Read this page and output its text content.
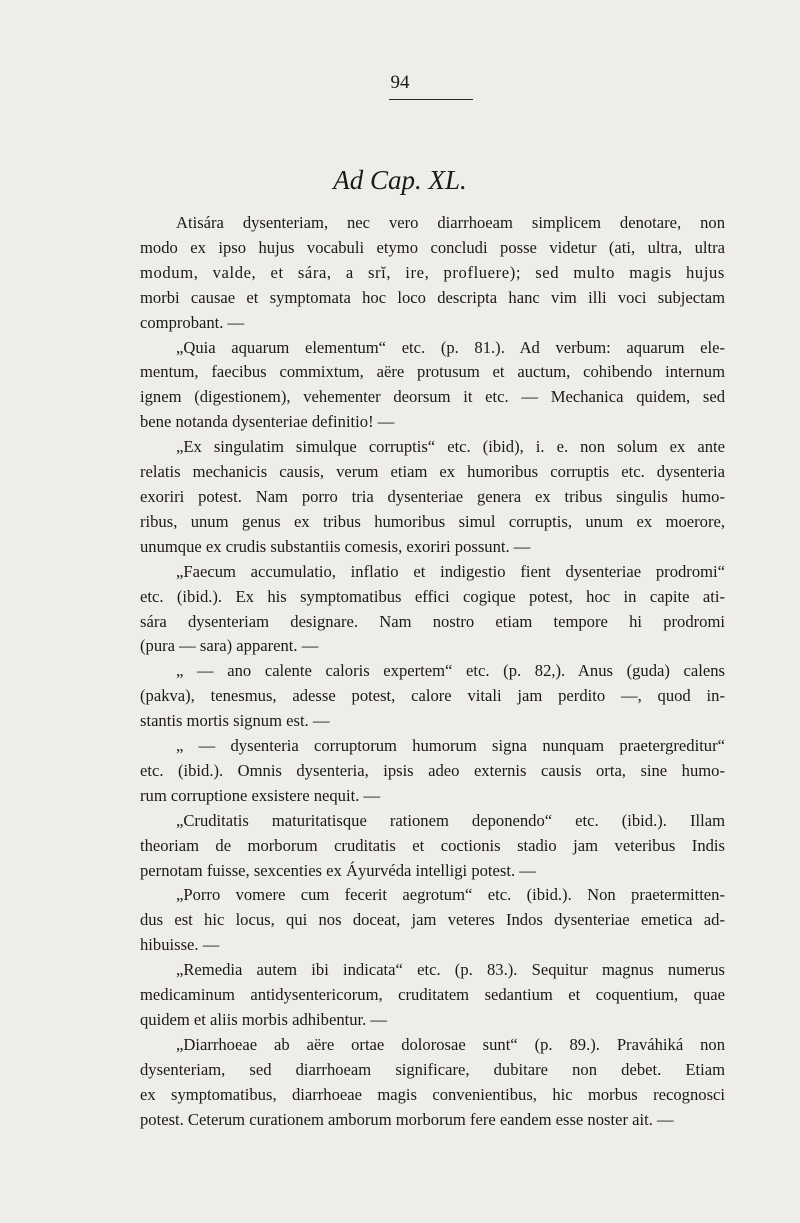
94
Ad Cap. XL.

Atisára dysenteriam, nec vero diarrhoeam simplicem denotare, non

modo ex ipso hujus vocabuli etymo concludi posse videtur (ati, ultra, ultra

modum, valde, et sára, a srĭ, ire, profluere); sed multo magis hujus

morbi causae et symptomata hoc loco descripta hanc vim illi voci subjectam

comprobant. —

„Quia aquarum elementum“ etc. (p. 81.). Ad verbum: aquarum ele-

mentum, faecibus commixtum, aëre protusum et auctum, cohibendo internum

ignem (digestionem), vehementer deorsum it etc. — Mechanica quidem, sed

bene notanda dysenteriae definitio! —

„Ex singulatim simulque corruptis“ etc. (ibid), i. e. non solum ex ante

relatis mechanicis causis, verum etiam ex humoribus corruptis etc. dysenteria

exoriri potest. Nam porro tria dysenteriae genera ex tribus singulis humo-

ribus, unum genus ex tribus humoribus simul corruptis, unum ex moerore,

unumque ex crudis substantiis comesis, exoriri possunt. —

„Faecum accumulatio, inflatio et indigestio fient dysenteriae prodromi“

etc. (ibid.). Ex his symptomatibus effici cogique potest, hoc in capite ati-

sára dysenteriam designare. Nam nostro etiam tempore hi prodromi

(pura — sara) apparent. —

„ — ano calente caloris expertem“ etc. (p. 82,). Anus (guda) calens

(pakva), tenesmus, adesse potest, calore vitali jam perdito —, quod in-

stantis mortis signum est. —

„ — dysenteria corruptorum humorum signa nunquam praetergreditur“

etc. (ibid.). Omnis dysenteria, ipsis adeo externis causis orta, sine humo-

rum corruptione exsistere nequit. —

„Cruditatis maturitatisque rationem deponendo“ etc. (ibid.). Illam

theoriam de morborum cruditatis et coctionis stadio jam veteribus Indis

pernotam fuisse, sexcenties ex Áyurvéda intelligi potest. —

„Porro vomere cum fecerit aegrotum“ etc. (ibid.). Non praetermitten-

dus est hic locus, qui nos doceat, jam veteres Indos dysenteriae emetica ad-

hibuisse. —

„Remedia autem ibi indicata“ etc. (p. 83.). Sequitur magnus numerus

medicaminum antidysentericorum, cruditatem sedantium et coquentium, quae

quidem et aliis morbis adhibentur. —

„Diarrhoeae ab aëre ortae dolorosae sunt“ (p. 89.). Praváhiká non

dysenteriam, sed diarrhoeam significare, dubitare non debet. Etiam

ex symptomatibus, diarrhoeae magis convenientibus, hic morbus recognosci

potest. Ceterum curationem amborum morborum fere eandem esse noster ait. —
